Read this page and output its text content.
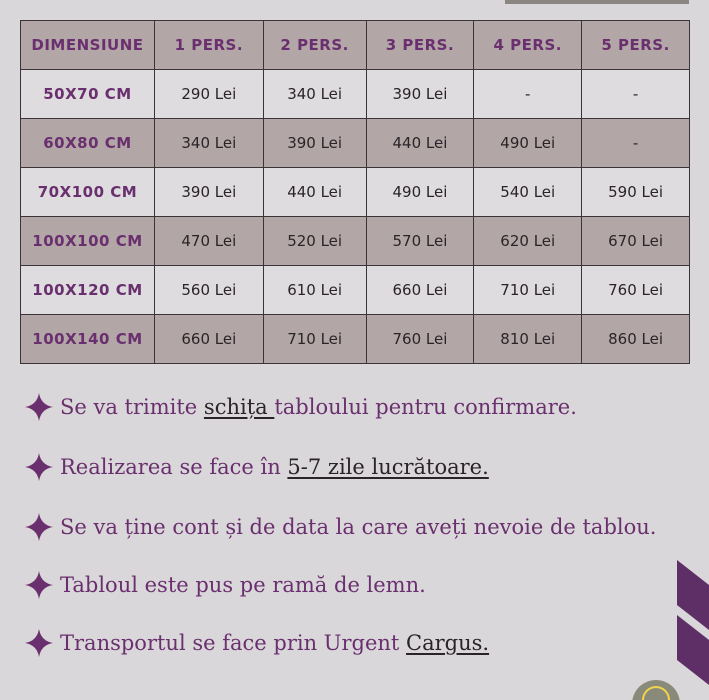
DIMENSIUNE	1 PERS.	2 PERS.	3 PERS.	4 PERS.	5 PERS.
50X70 CM	290 Lei	340 Lei	390 Lei	-	-
60X80 CM	340 Lei	390 Lei	440 Lei	490 Lei	-
70X100 CM	390 Lei	440 Lei	490 Lei	540 Lei	590 Lei
100X100 CM	470 Lei	520 Lei	570 Lei	620 Lei	670 Lei
100X120 CM	560 Lei	610 Lei	660 Lei	710 Lei	760 Lei
100X140 CM	660 Lei	710 Lei	760 Lei	810 Lei	860 Lei
Se va trimite schița tabloului pentru confirmare.
Realizarea se face în 5-7 zile lucrătoare.
Se va ține cont și de data la care aveți nevoie de tablou.
Tabloul este pus pe ramă de lemn.
Transportul se face prin Urgent Cargus.
